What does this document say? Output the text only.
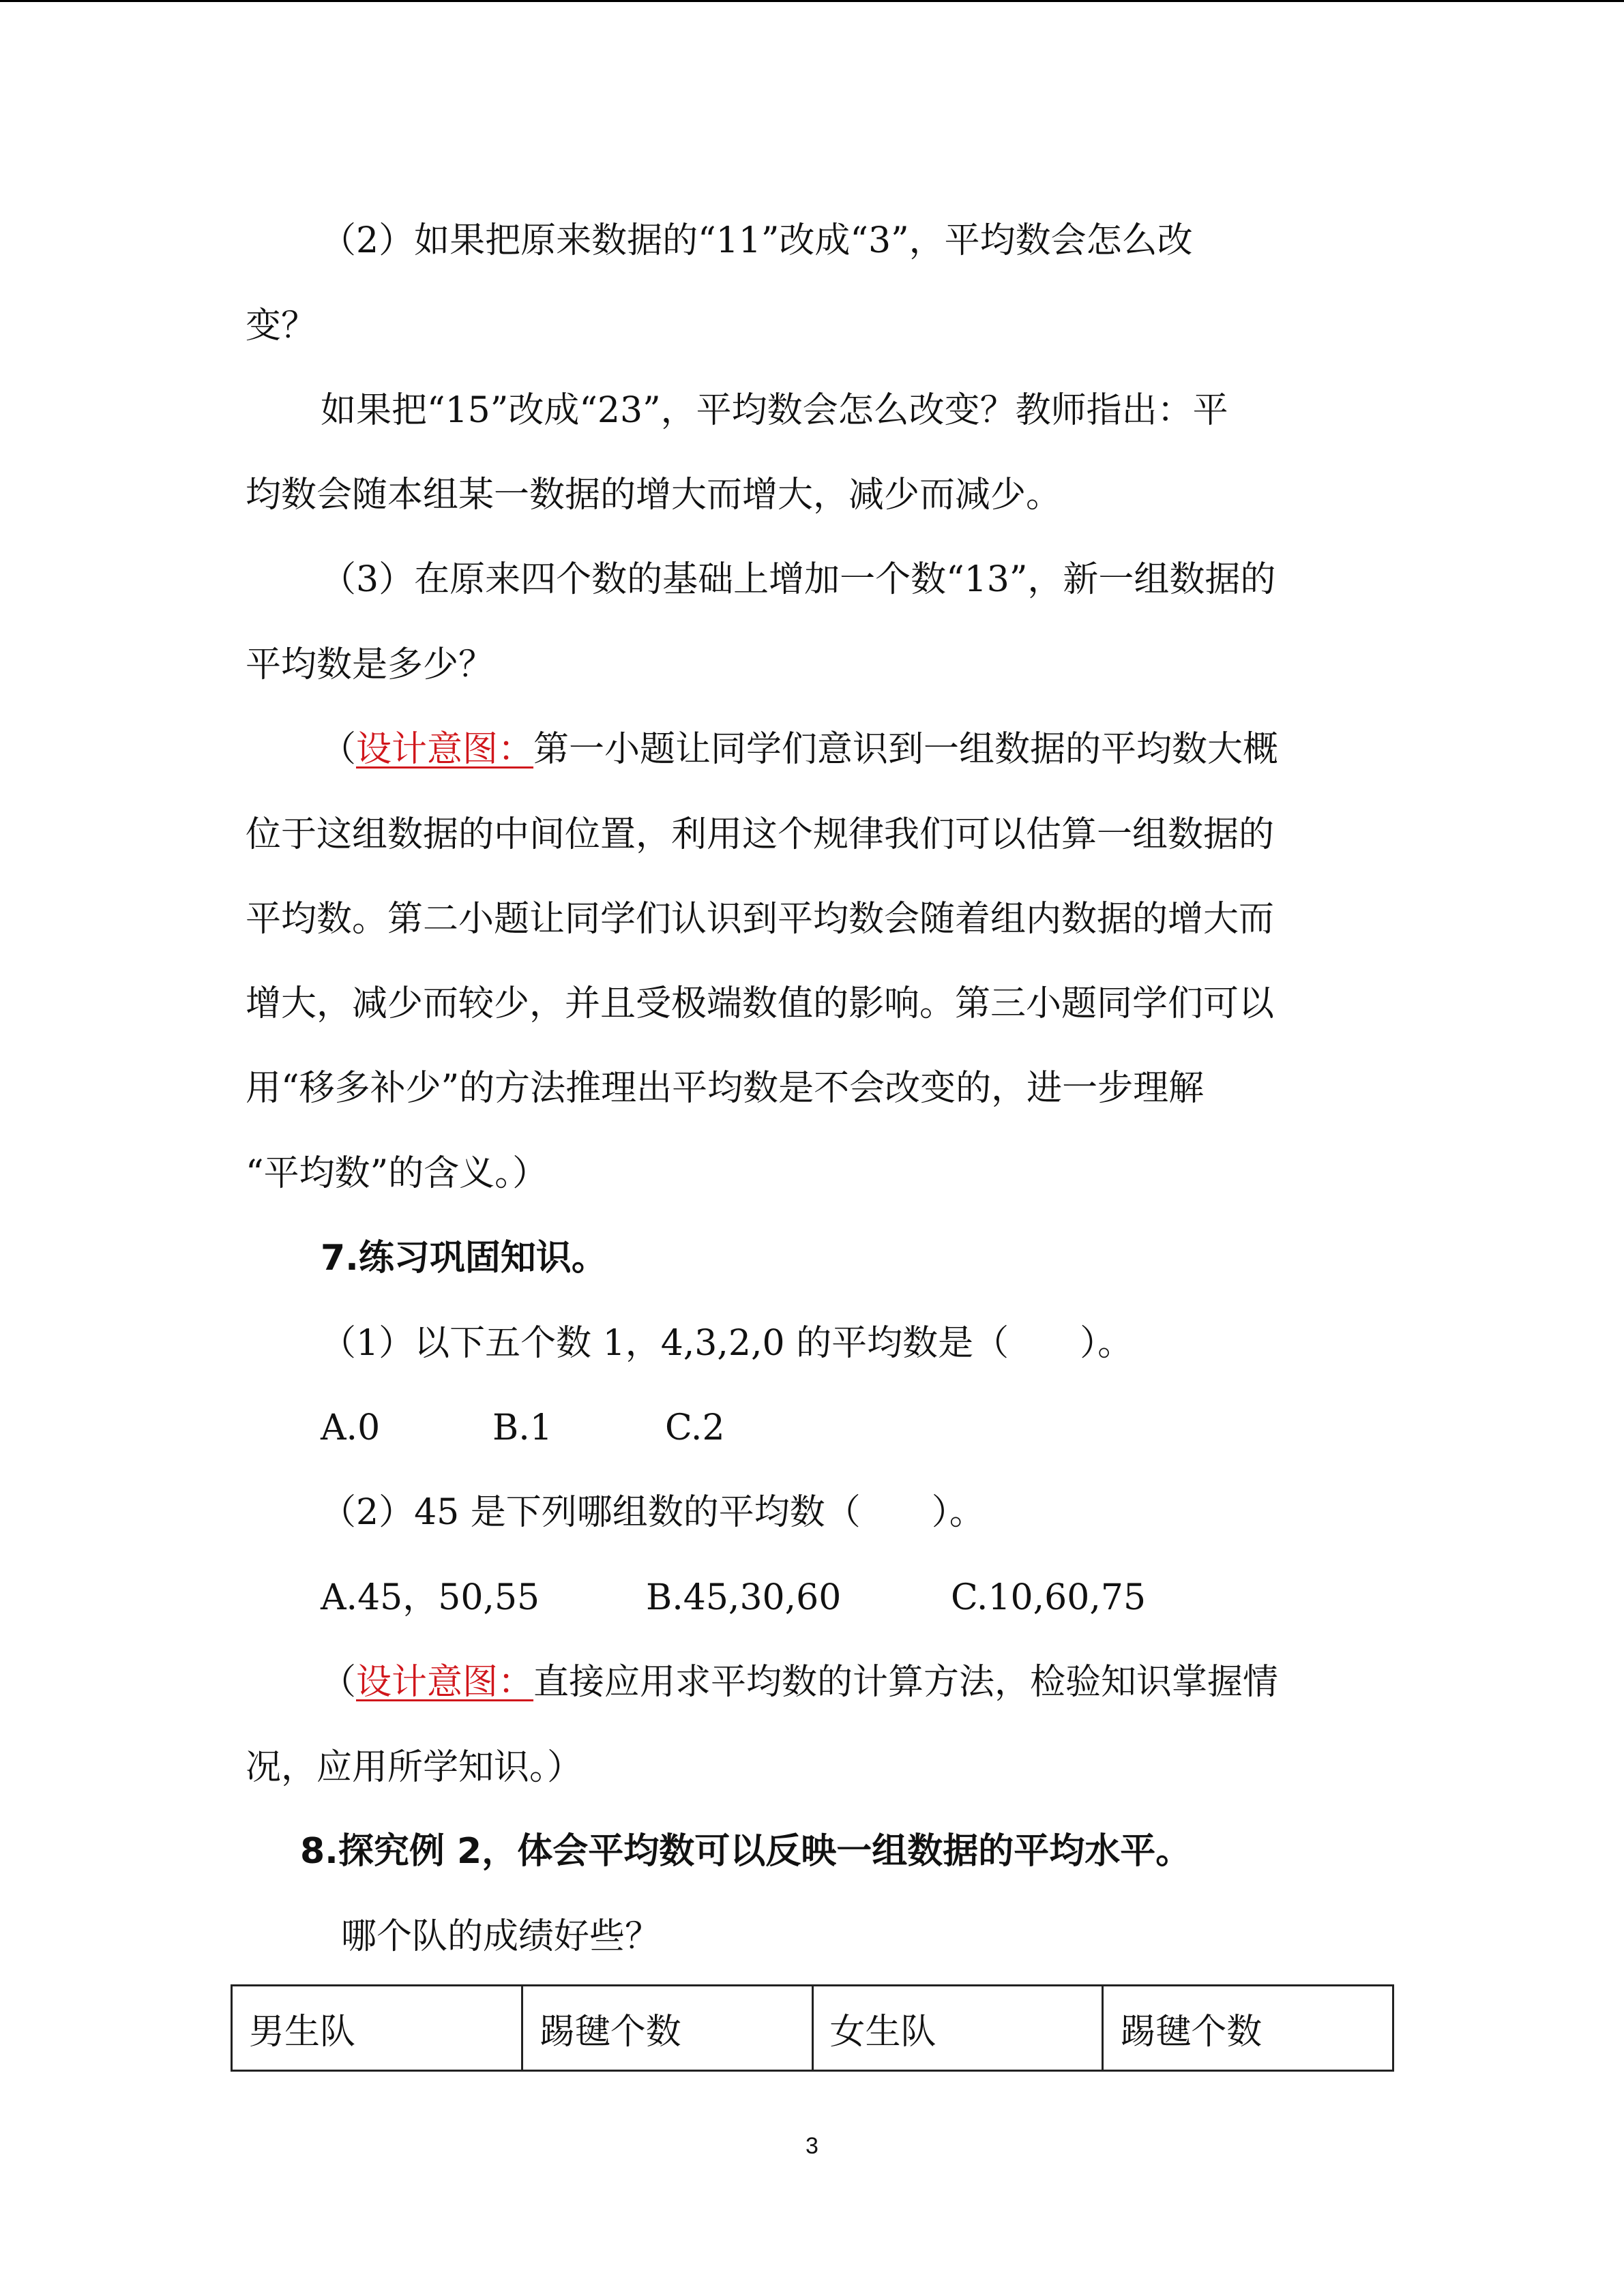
（2）如果把原来数据的“11”改成“3”，平均数会怎么改
变？
如果把“15”改成“23”，平均数会怎么改变？教师指出：平
均数会随本组某一数据的增大而增大，减少而减少。
（3）在原来四个数的基础上增加一个数“13”，新一组数据的
平均数是多少？
（设计意图：第一小题让同学们意识到一组数据的平均数大概
位于这组数据的中间位置，利用这个规律我们可以估算一组数据的
平均数。第二小题让同学们认识到平均数会随着组内数据的增大而
增大，减少而较少，并且受极端数值的影响。第三小题同学们可以
用“移多补少”的方法推理出平均数是不会改变的，进一步理解
“平均数”的含义。）
7.练习巩固知识。
（1）以下五个数 1，4,3,2,0 的平均数是（　　）。
A.0	B.1	C.2
（2）45 是下列哪组数的平均数（　　）。
A.45，50,55	B.45,30,60	C.10,60,75
（设计意图：直接应用求平均数的计算方法，检验知识掌握情
况，应用所学知识。）
8.探究例 2，体会平均数可以反映一组数据的平均水平。
哪个队的成绩好些？
男生队	踢毽个数	女生队	踢毽个数
3
